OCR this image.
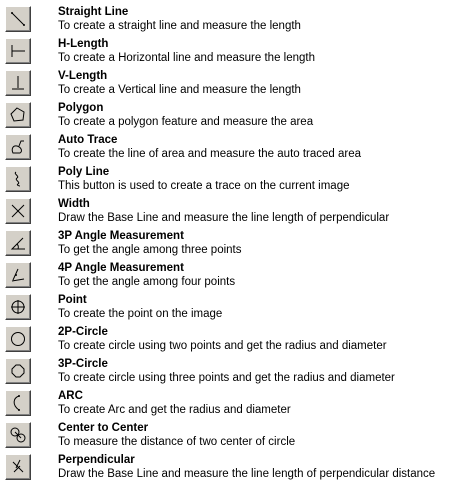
Straight Line
To create a straight line and measure the length
H-Length
To create a Horizontal line and measure the length
V-Length
To create a Vertical line and measure the length
Polygon
To create a polygon feature and measure the area
Auto Trace
To create the line of area and measure the auto traced area
Poly Line
This button is used to create a trace on the current image
Width
Draw the Base Line and measure the line length of perpendicular
3P Angle Measurement
To get the angle among three points
4P Angle Measurement
To get the angle among four points
Point
To create the point on the image
2P-Circle
To create circle using two points and get the radius and diameter
3P-Circle
To create circle using three points and get the radius and diameter
ARC
To create Arc and get the radius and diameter
Center to Center
To measure the distance of two center of circle
Perpendicular
Draw the Base Line and measure the line length of perpendicular distance
